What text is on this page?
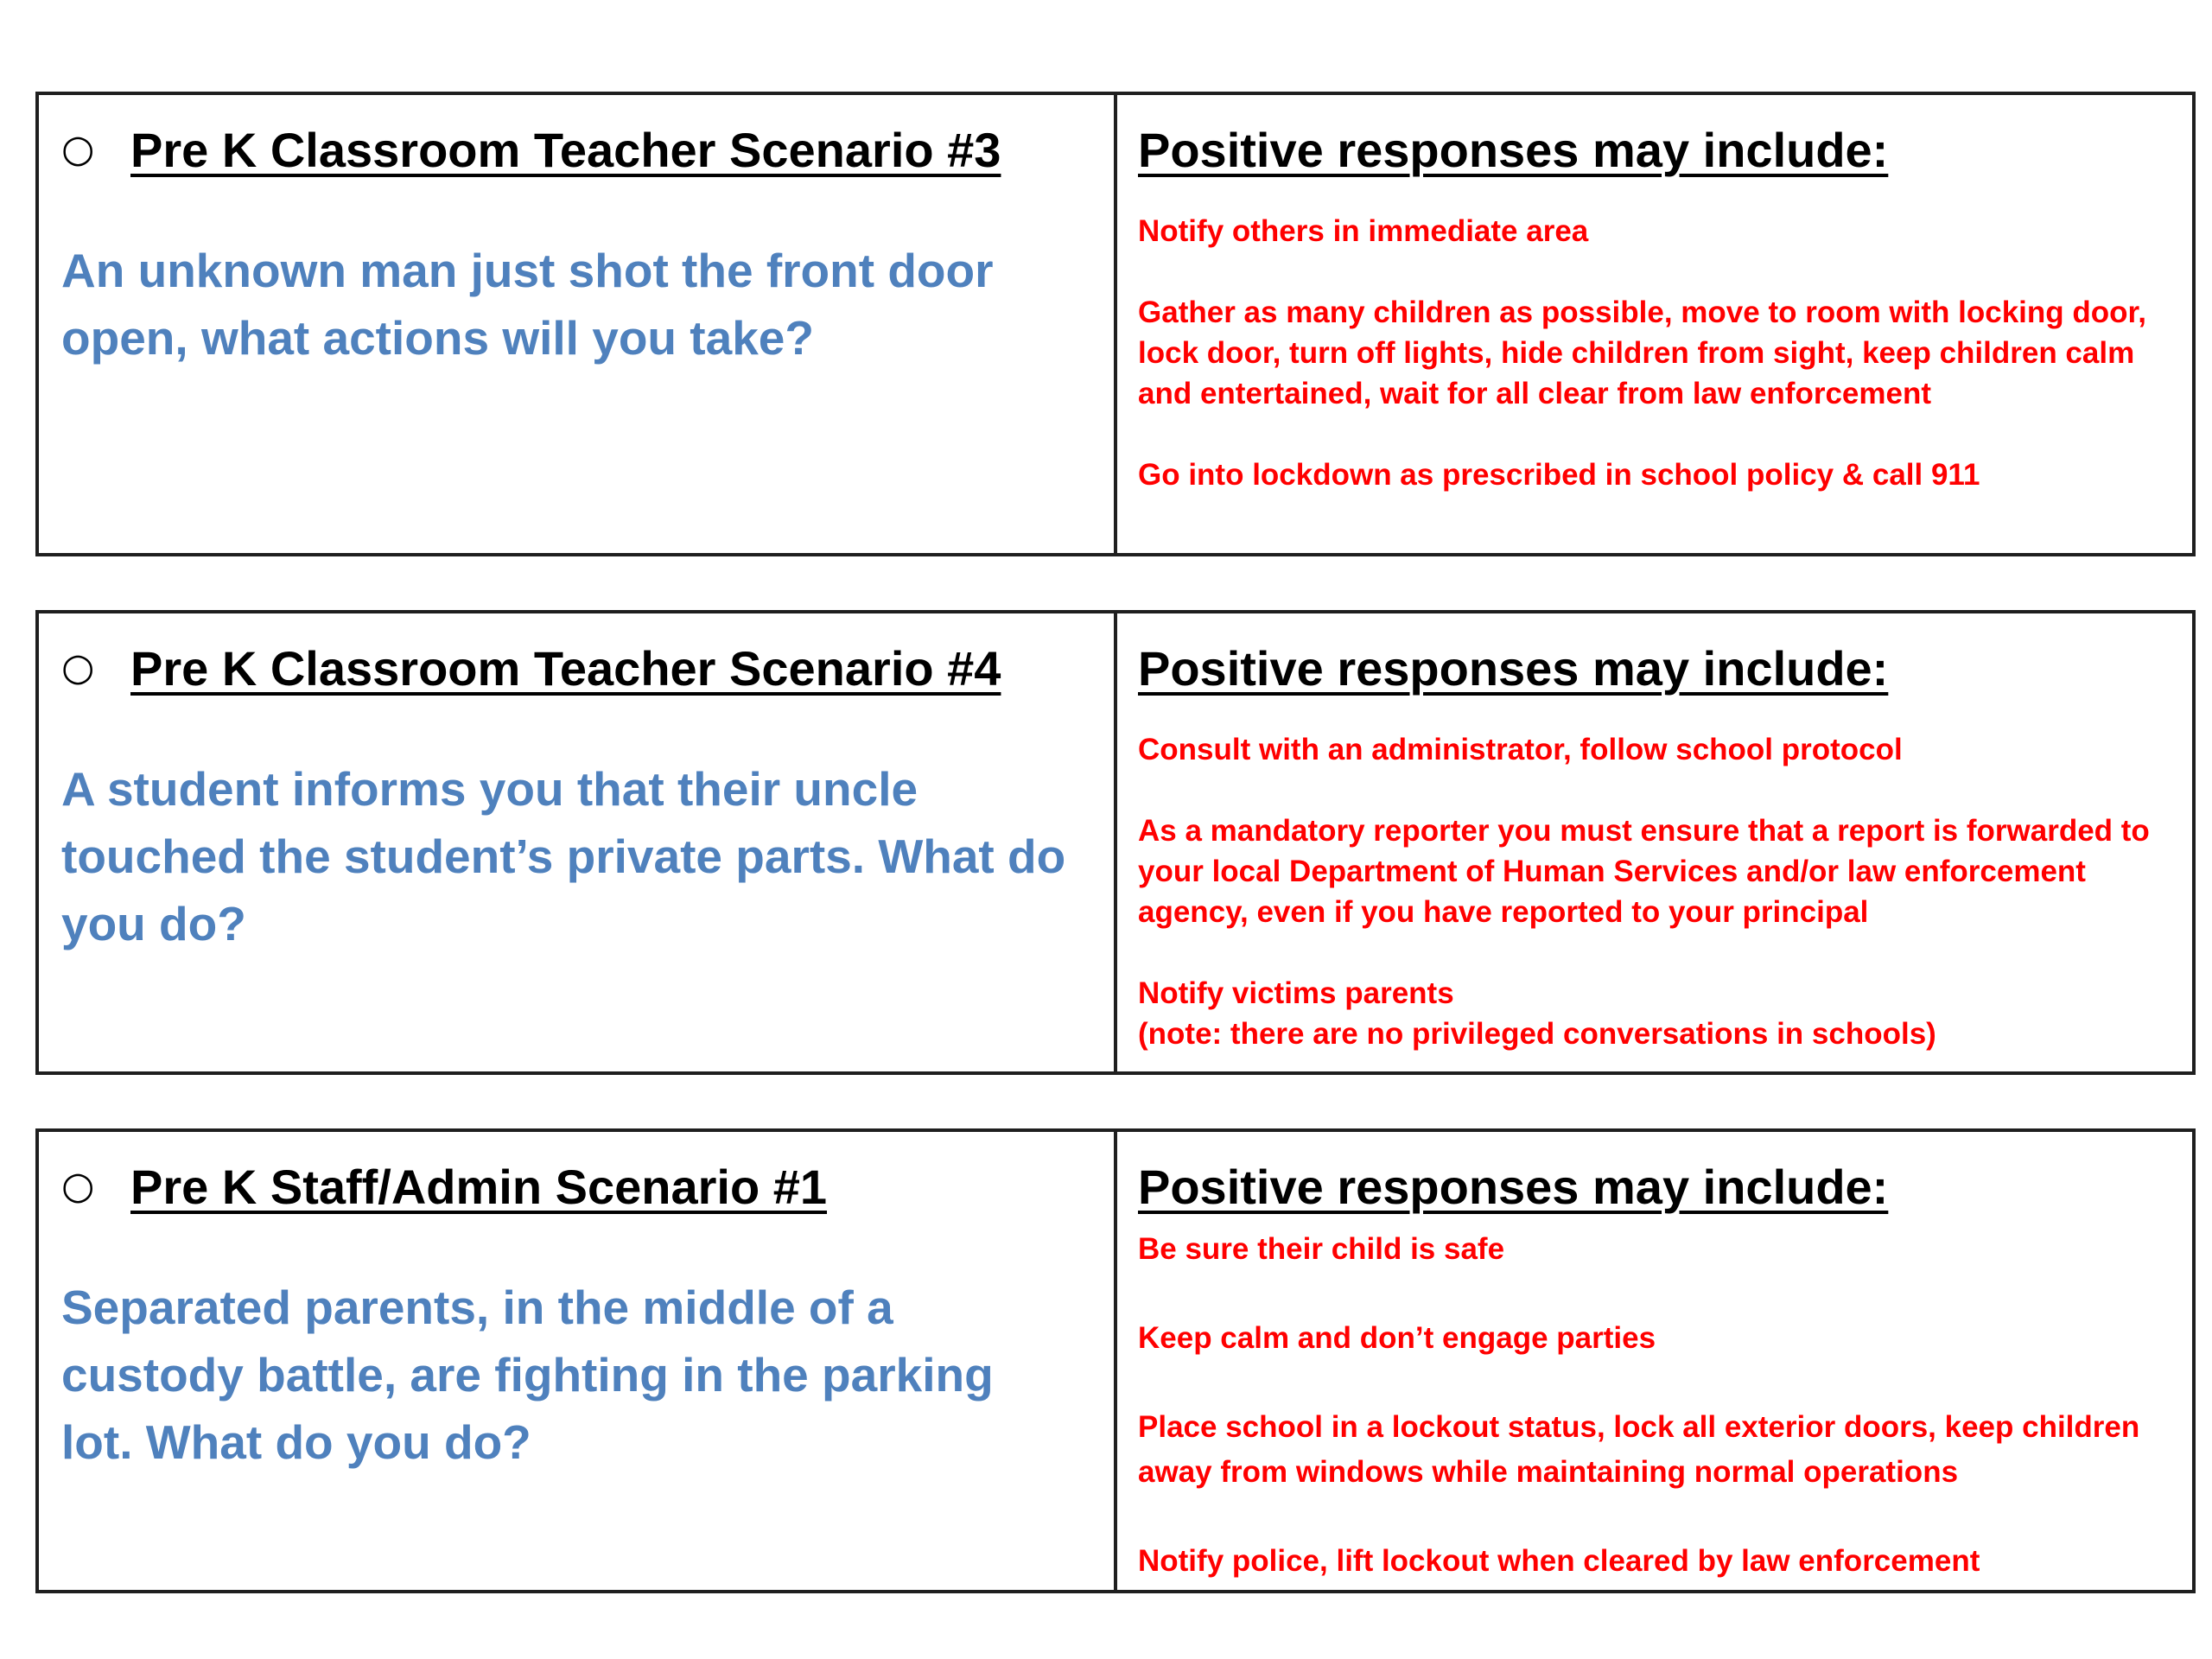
○ Pre K Classroom Teacher Scenario #3
An unknown man just shot the front door open, what actions will you take?

Positive responses may include:
Notify others in immediate area
Gather as many children as possible, move to room with locking door, lock door, turn off lights, hide children from sight, keep children calm and entertained, wait for all clear from law enforcement
Go into lockdown as prescribed in school policy & call 911
○ Pre K Classroom Teacher Scenario #4
A student informs you that their uncle touched the student’s private parts. What do you do?

Positive responses may include:
Consult with an administrator, follow school protocol
As a mandatory reporter you must ensure that a report is forwarded to your local Department of Human Services and/or law enforcement agency, even if you have reported to your principal
Notify victims parents
(note: there are no privileged conversations in schools)
○ Pre K Staff/Admin Scenario #1
Separated parents, in the middle of a custody battle, are fighting in the parking lot. What do you do?

Positive responses may include:
Be sure their child is safe
Keep calm and don’t engage parties
Place school in a lockout status, lock all exterior doors, keep children away from windows while maintaining normal operations
Notify police, lift lockout when cleared by law enforcement
